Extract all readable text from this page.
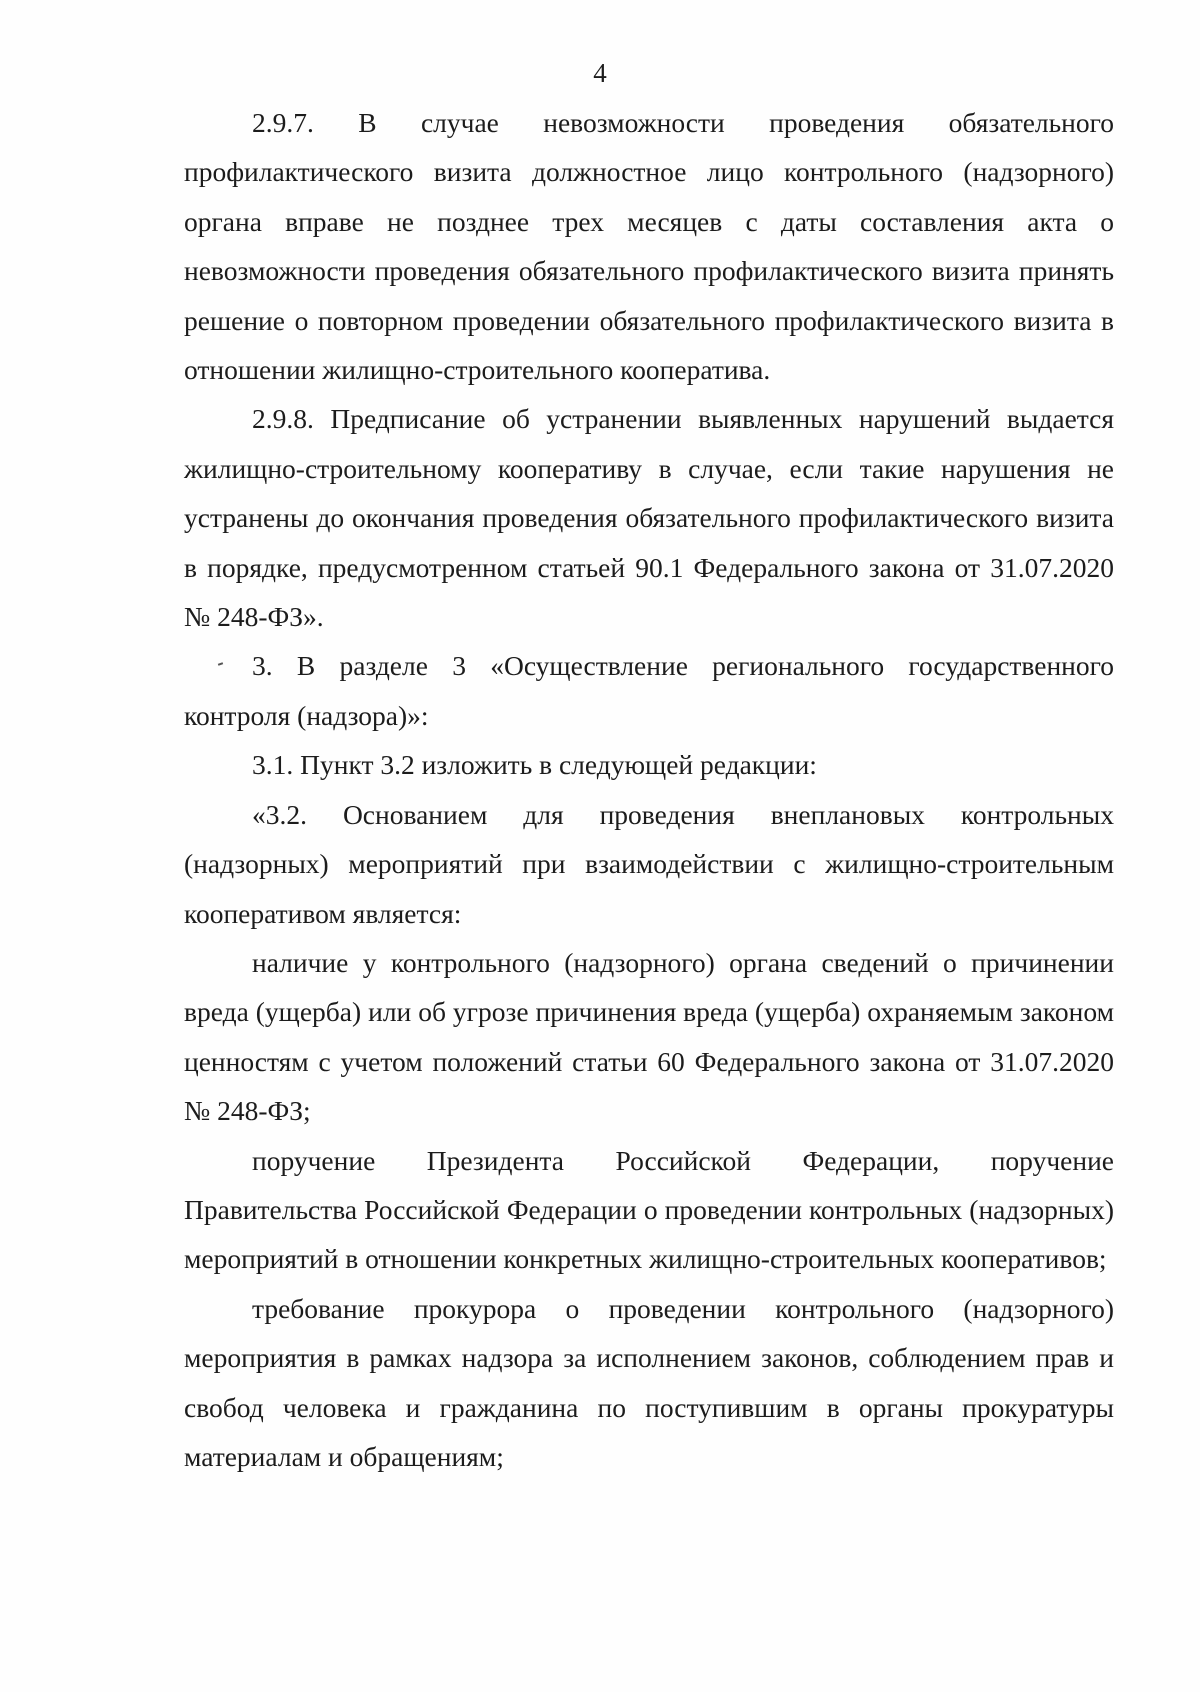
4

2.9.7. В случае невозможности проведения обязательного профилактического визита должностное лицо контрольного (надзорного) органа вправе не позднее трех месяцев с даты составления акта о невозможности проведения обязательного профилактического визита принять решение о повторном проведении обязательного профилактического визита в отношении жилищно-строительного кооператива.

2.9.8. Предписание об устранении выявленных нарушений выдается жилищно-строительному кооперативу в случае, если такие нарушения не устранены до окончания проведения обязательного профилактического визита в порядке, предусмотренном статьей 90.1 Федерального закона от 31.07.2020 № 248-ФЗ».

3. В разделе 3 «Осуществление регионального государственного контроля (надзора)»:

3.1. Пункт 3.2 изложить в следующей редакции:

«3.2. Основанием для проведения внеплановых контрольных (надзорных) мероприятий при взаимодействии с жилищно-строительным кооперативом является:

наличие у контрольного (надзорного) органа сведений о причинении вреда (ущерба) или об угрозе причинения вреда (ущерба) охраняемым законом ценностям с учетом положений статьи 60 Федерального закона от 31.07.2020 № 248-ФЗ;

поручение Президента Российской Федерации, поручение Правительства Российской Федерации о проведении контрольных (надзорных) мероприятий в отношении конкретных жилищно-строительных кооперативов;

требование прокурора о проведении контрольного (надзорного) мероприятия в рамках надзора за исполнением законов, соблюдением прав и свобод человека и гражданина по поступившим в органы прокуратуры материалам и обращениям;
